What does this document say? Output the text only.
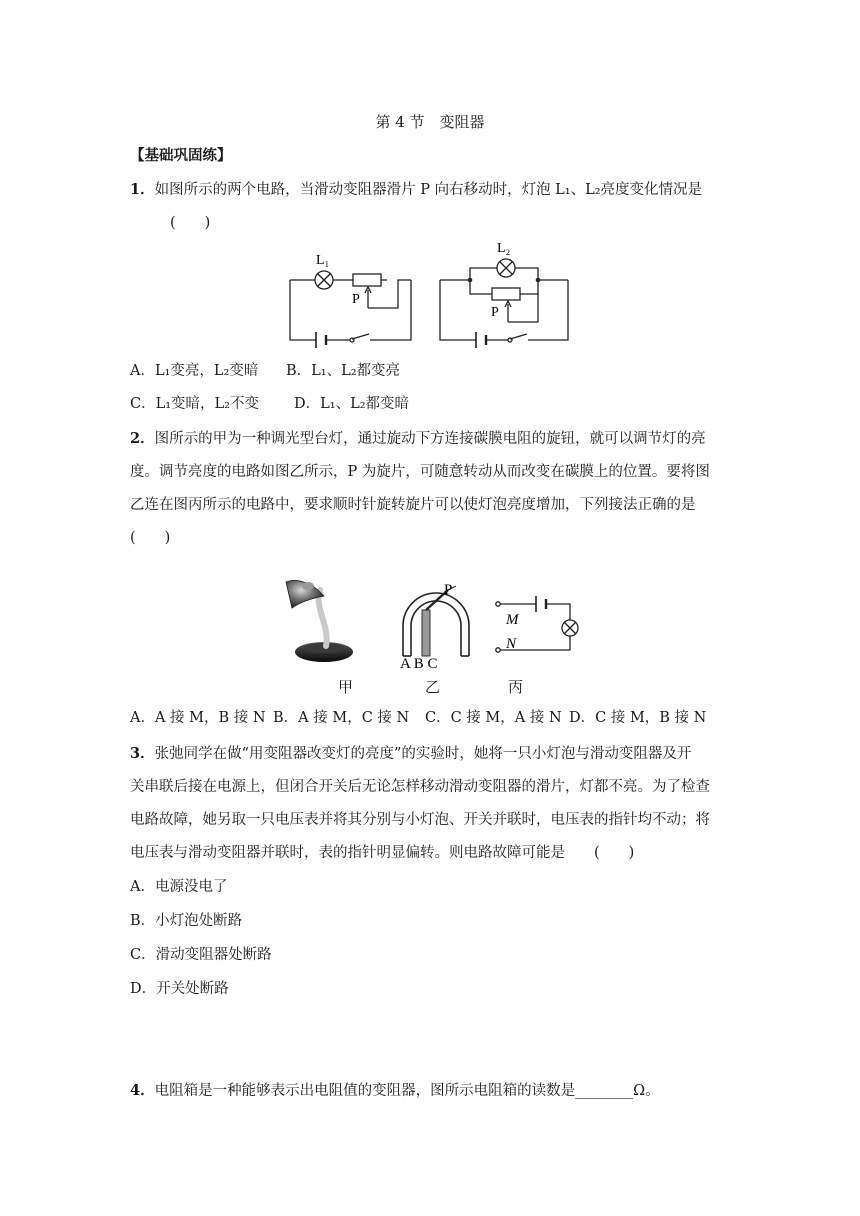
第 4 节　变阻器
【基础巩固练】
1．如图所示的两个电路，当滑动变阻器滑片 P 向右移动时，灯泡 L₁、L₂亮度变化情况是
(　　)
L₁
P
L₂
P
A．L₁变亮，L₂变暗 B．L₁、L₂都变亮
C．L₁变暗，L₂不变 D．L₁、L₂都变暗
2．图所示的甲为一种调光型台灯，通过旋动下方连接碳膜电阻的旋钮，就可以调节灯的亮
度。调节亮度的电路如图乙所示，P 为旋片，可随意转动从而改变在碳膜上的位置。要将图
乙连在图丙所示的电路中，要求顺时针旋转旋片可以使灯泡亮度增加，下列接法正确的是
(　　)
P
A B C
M
N
甲	乙	丙
A．A 接 M，B 接 N B．A 接 M，C 接 N C．C 接 M，A 接 N D．C 接 M，B 接 N
3．张弛同学在做“用变阻器改变灯的亮度”的实验时，她将一只小灯泡与滑动变阻器及开
关串联后接在电源上，但闭合开关后无论怎样移动滑动变阻器的滑片，灯都不亮。为了检查
电路故障，她另取一只电压表并将其分别与小灯泡、开关并联时，电压表的指针均不动；将
电压表与滑动变阻器并联时，表的指针明显偏转。则电路故障可能是　　(　　)
A．电源没电了
B．小灯泡处断路
C．滑动变阻器处断路
D．开关处断路
4．电阻箱是一种能够表示出电阻值的变阻器，图所示电阻箱的读数是________Ω。
